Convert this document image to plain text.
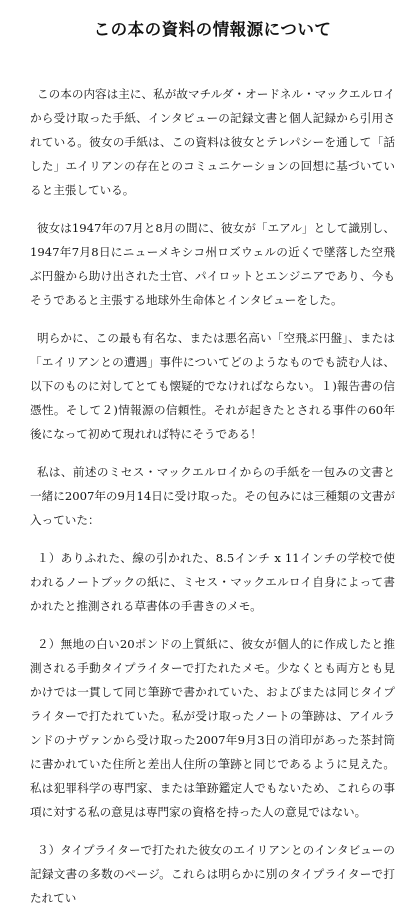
この本の資料の情報源について

この本の内容は主に、私が故マチルダ・オードネル・マックエルロイから受け取った手紙、インタビューの記録文書と個人記録から引用されている。彼女の手紙は、この資料は彼女とテレパシーを通して「話した」エイリアンの存在とのコミュニケーションの回想に基づいていると主張している。

彼女は1947年の7月と8月の間に、彼女が「エアル」として識別し、1947年7月8日にニューメキシコ州ロズウェルの近くで墜落した空飛ぶ円盤から助け出された士官、パイロットとエンジニアであり、今もそうであると主張する地球外生命体とインタビューをした。

明らかに、この最も有名な、または悪名高い「空飛ぶ円盤」、または「エイリアンとの遭遇」事件についてどのようなものでも読む人は、以下のものに対してとても懐疑的でなければならない。１)報告書の信憑性。そして２)情報源の信頼性。それが起きたとされる事件の60年後になって初めて現れれば特にそうである！

私は、前述のミセス・マックエルロイからの手紙を一包みの文書と一緒に2007年の9月14日に受け取った。その包みには三種類の文書が入っていた：

１）ありふれた、線の引かれた、8.5インチ x 11インチの学校で使われるノートブックの紙に、ミセス・マックエルロイ自身によって書かれたと推測される草書体の手書きのメモ。

２）無地の白い20ポンドの上質紙に、彼女が個人的に作成したと推測される手動タイプライターで打たれたメモ。少なくとも両方とも見かけでは一貫して同じ筆跡で書かれていた、およびまたは同じタイプライターで打たれていた。私が受け取ったノートの筆跡は、アイルランドのナヴァンから受け取った2007年9月3日の消印があった茶封筒に書かれていた住所と差出人住所の筆跡と同じであるように見えた。私は犯罪科学の専門家、または筆跡鑑定人でもないため、これらの事項に対する私の意見は専門家の資格を持った人の意見ではない。

３）タイプライターで打たれた彼女のエイリアンとのインタビューの記録文書の多数のページ。これらは明らかに別のタイプライターで打たれてい
